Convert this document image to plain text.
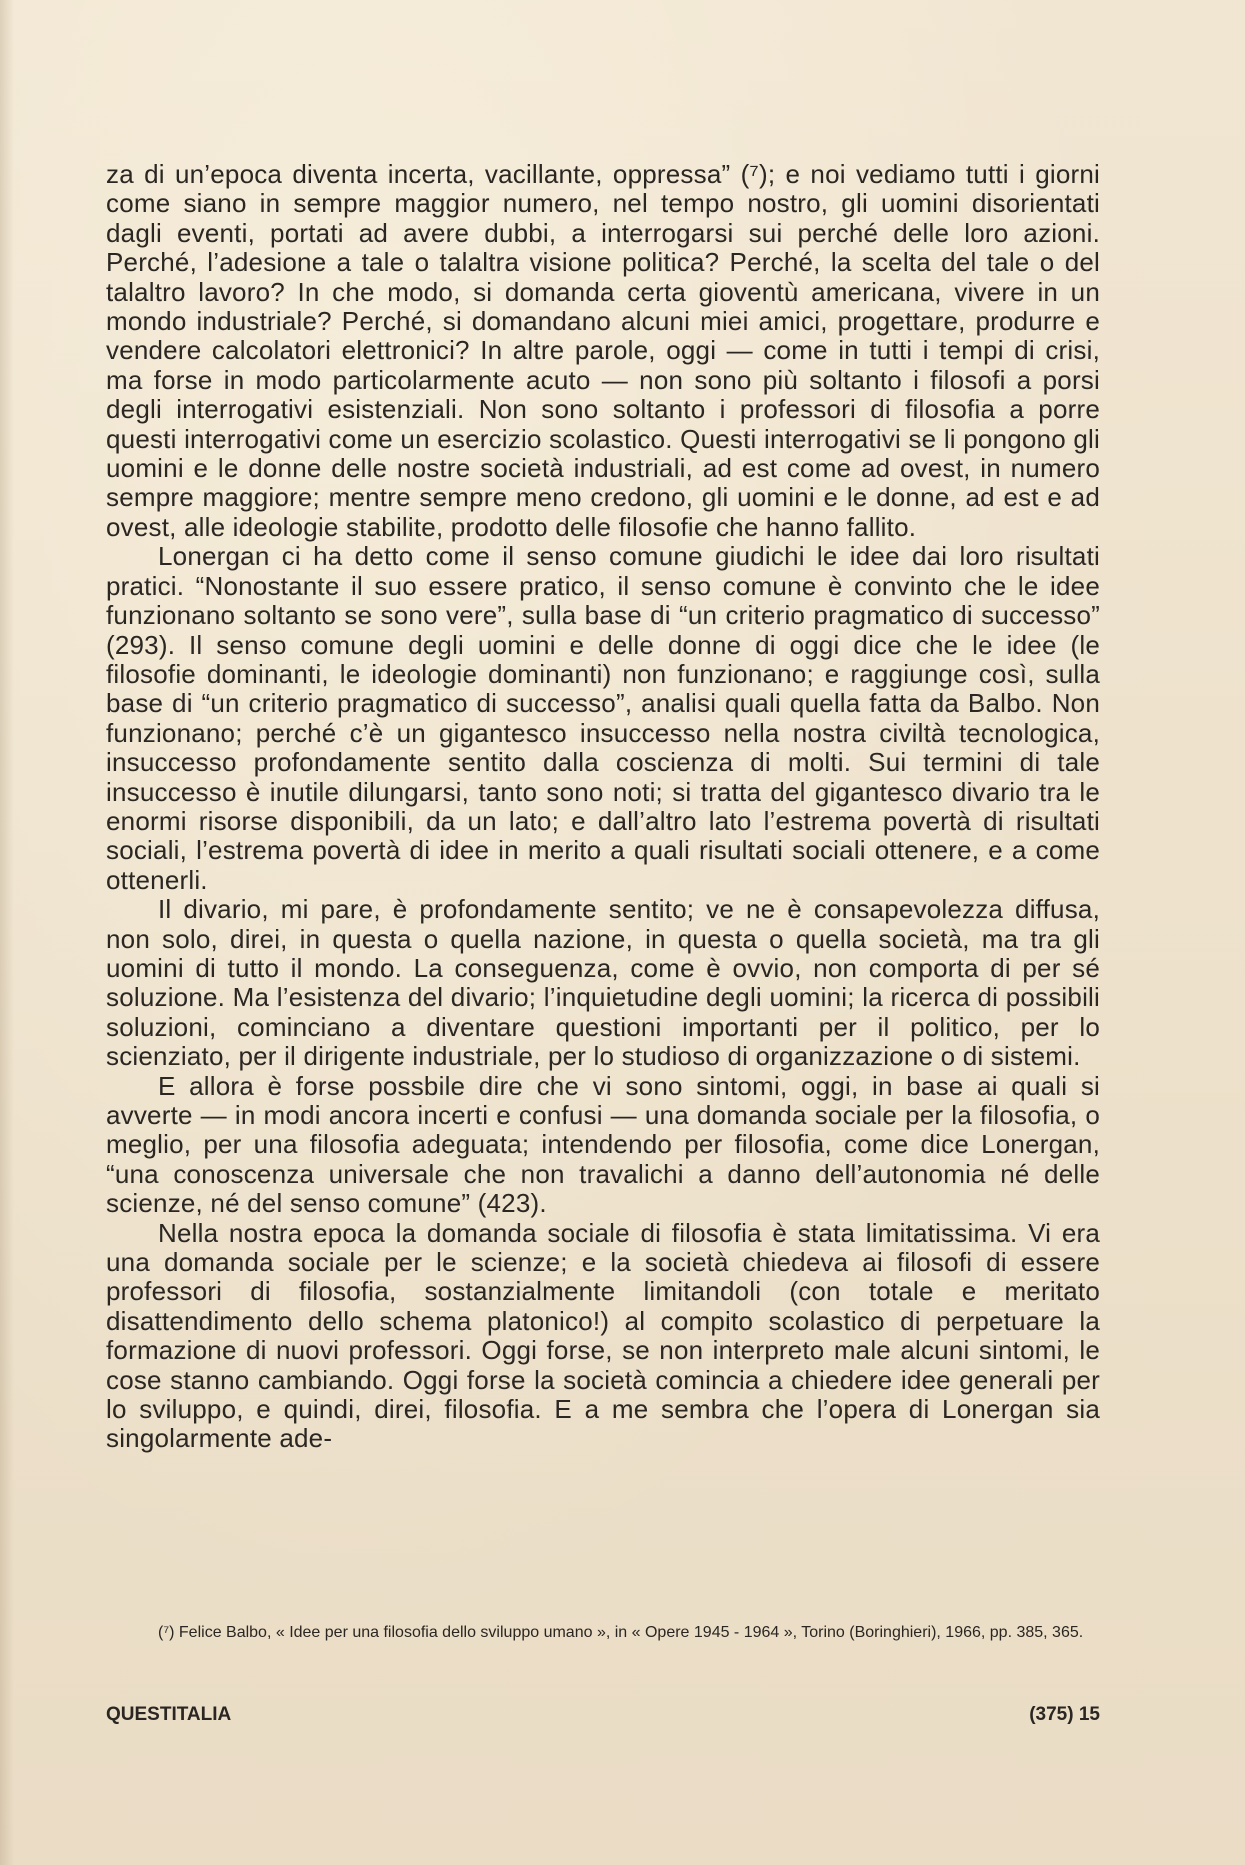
za di un’epoca diventa incerta, vacillante, oppressa” (⁷); e noi vediamo tutti i giorni come siano in sempre maggior numero, nel tempo nostro, gli uomini disorientati dagli eventi, portati ad avere dubbi, a interrogarsi sui perché delle loro azioni. Perché, l’adesione a tale o talaltra visione politica? Perché, la scelta del tale o del talaltro lavoro? In che modo, si domanda certa gioventù americana, vivere in un mondo industriale? Perché, si domandano alcuni miei amici, progettare, produrre e vendere calcolatori elettronici? In altre parole, oggi — come in tutti i tempi di crisi, ma forse in modo particolarmente acuto — non sono più soltanto i filosofi a porsi degli interrogativi esistenziali. Non sono soltanto i professori di filosofia a porre questi interrogativi come un esercizio scolastico. Questi interrogativi se li pongono gli uomini e le donne delle nostre società industriali, ad est come ad ovest, in numero sempre maggiore; mentre sempre meno credono, gli uomini e le donne, ad est e ad ovest, alle ideologie stabilite, prodotto delle filosofie che hanno fallito.

Lonergan ci ha detto come il senso comune giudichi le idee dai loro risultati pratici. “Nonostante il suo essere pratico, il senso comune è convinto che le idee funzionano soltanto se sono vere”, sulla base di “un criterio pragmatico di successo” (293). Il senso comune degli uomini e delle donne di oggi dice che le idee (le filosofie dominanti, le ideologie dominanti) non funzionano; e raggiunge così, sulla base di “un criterio pragmatico di successo”, analisi quali quella fatta da Balbo. Non funzionano; perché c’è un gigantesco insuccesso nella nostra civiltà tecnologica, insuccesso profondamente sentito dalla coscienza di molti. Sui termini di tale insuccesso è inutile dilungarsi, tanto sono noti; si tratta del gigantesco divario tra le enormi risorse disponibili, da un lato; e dall’altro lato l’estrema povertà di risultati sociali, l’estrema povertà di idee in merito a quali risultati sociali ottenere, e a come ottenerli.

Il divario, mi pare, è profondamente sentito; ve ne è consapevolezza diffusa, non solo, direi, in questa o quella nazione, in questa o quella società, ma tra gli uomini di tutto il mondo. La conseguenza, come è ovvio, non comporta di per sé soluzione. Ma l’esistenza del divario; l’inquietudine degli uomini; la ricerca di possibili soluzioni, cominciano a diventare questioni importanti per il politico, per lo scienziato, per il dirigente industriale, per lo studioso di organizzazione o di sistemi.

E allora è forse possbile dire che vi sono sintomi, oggi, in base ai quali si avverte — in modi ancora incerti e confusi — una domanda sociale per la filosofia, o meglio, per una filosofia adeguata; intendendo per filosofia, come dice Lonergan, “una conoscenza universale che non travalichi a danno dell’autonomia né delle scienze, né del senso comune” (423).

Nella nostra epoca la domanda sociale di filosofia è stata limitatissima. Vi era una domanda sociale per le scienze; e la società chiedeva ai filosofi di essere professori di filosofia, sostanzialmente limitandoli (con totale e meritato disattendimento dello schema platonico!) al compito scolastico di perpetuare la formazione di nuovi professori. Oggi forse, se non interpreto male alcuni sintomi, le cose stanno cambiando. Oggi forse la società comincia a chiedere idee generali per lo sviluppo, e quindi, direi, filosofia. E a me sembra che l’opera di Lonergan sia singolarmente ade-

(⁷) Felice Balbo, « Idee per una filosofia dello sviluppo umano », in « Opere 1945 - 1964 », Torino (Boringhieri), 1966, pp. 385, 365.
QUESTITALIA	(375) 15
